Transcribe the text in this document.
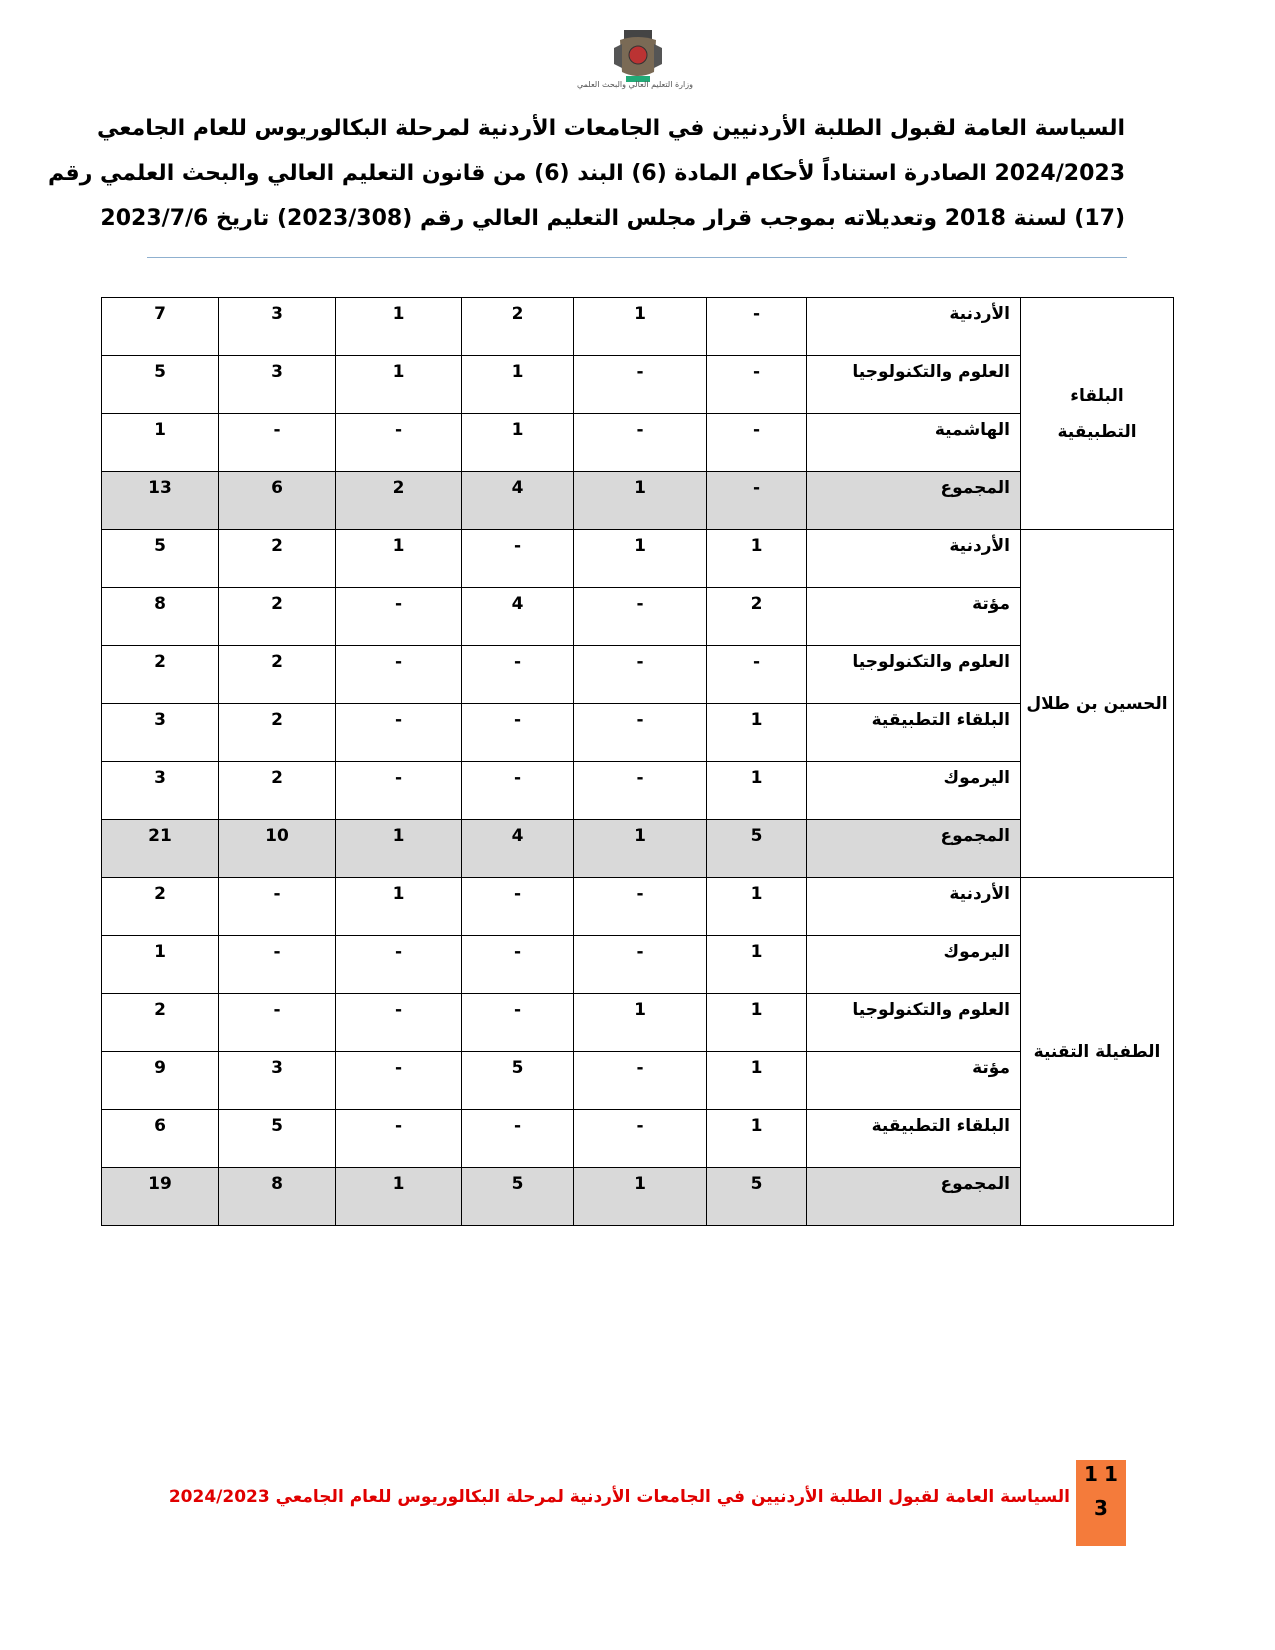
وزارة التعليم العالي والبحث العلمي
السياسة العامة لقبول الطلبة الأردنيين في الجامعات الأردنية لمرحلة البكالوريوس للعام الجامعي
2024/2023 الصادرة استناداً لأحكام المادة (6) البند (6) من قانون التعليم العالي والبحث العلمي رقم
(17) لسنة 2018 وتعديلاته بموجب قرار مجلس التعليم العالي رقم (2023/308) تاريخ 2023/7/6
البلقاء
التطبيقية	الأردنية	-	1	2	1	3	7

	العلوم والتكنولوجيا	-	-	1	1	3	5

	الهاشمية	-	-	1	-	-	1

	المجموع	-	1	4	2	6	13

الحسين بن طلال	الأردنية	1	1	-	1	2	5

	مؤتة	2	-	4	-	2	8

	العلوم والتكنولوجيا	-	-	-	-	2	2

	البلقاء التطبيقية	1	-	-	-	2	3

	اليرموك	1	-	-	-	2	3

	المجموع	5	1	4	1	10	21

الطفيلة التقنية	الأردنية	1	-	-	1	-	2

	اليرموك	1	-	-	-	-	1

	العلوم والتكنولوجيا	1	1	-	-	-	2

	مؤتة	1	-	5	-	3	9

	البلقاء التطبيقية	1	-	-	-	5	6

	المجموع	5	1	5	1	8	19
السياسة العامة لقبول الطلبة الأردنيين في الجامعات الأردنية لمرحلة البكالوريوس للعام الجامعي 2024/2023
1 1
3
